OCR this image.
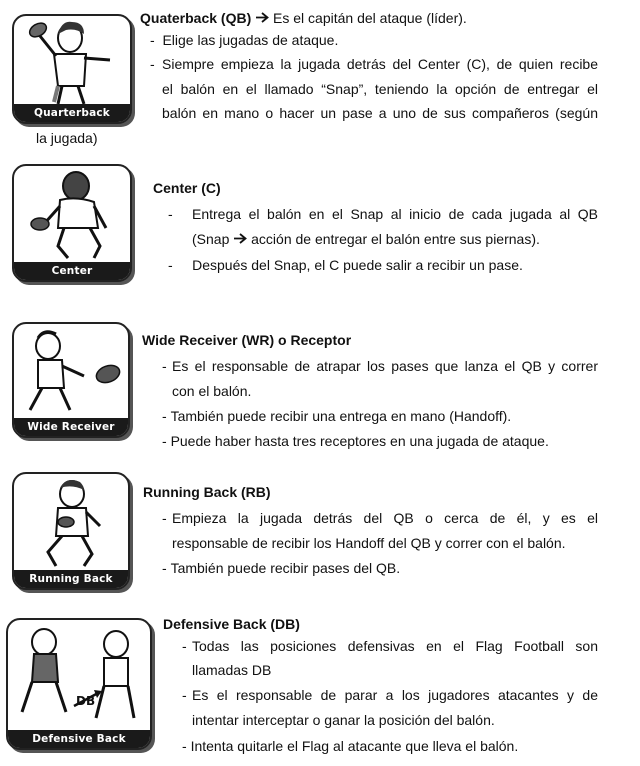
Quarterback
Quaterback (QB) Es el capitán del ataque (líder).
- Elige las jugadas de ataque.
- Siempre empieza la jugada detrás del Center (C), de quien recibe
el balón en el llamado “Snap”, teniendo la opción de entregar el
balón en mano o hacer un pase a uno de sus compañeros (según
la jugada)
Center
Center (C)
- Entrega el balón en el Snap al inicio de cada jugada al QB
(Snap acción de entregar el balón entre sus piernas).
- Después del Snap, el C puede salir a recibir un pase.
Wide Receiver
Wide Receiver (WR) o Receptor
- Es el responsable de atrapar los pases que lanza el QB y correr
con el balón.
- También puede recibir una entrega en mano (Handoff).
- Puede haber hasta tres receptores en una jugada de ataque.
Running Back
Running Back (RB)
- Empieza la jugada detrás del QB o cerca de él, y es el
responsable de recibir los Handoff del QB y correr con el balón.
- También puede recibir pases del QB.
DB
Defensive Back
Defensive Back (DB)
- Todas las posiciones defensivas en el Flag Football son
llamadas DB
- Es el responsable de parar a los jugadores atacantes y de
intentar interceptar o ganar la posición del balón.
- Intenta quitarle el Flag al atacante que lleva el balón.
